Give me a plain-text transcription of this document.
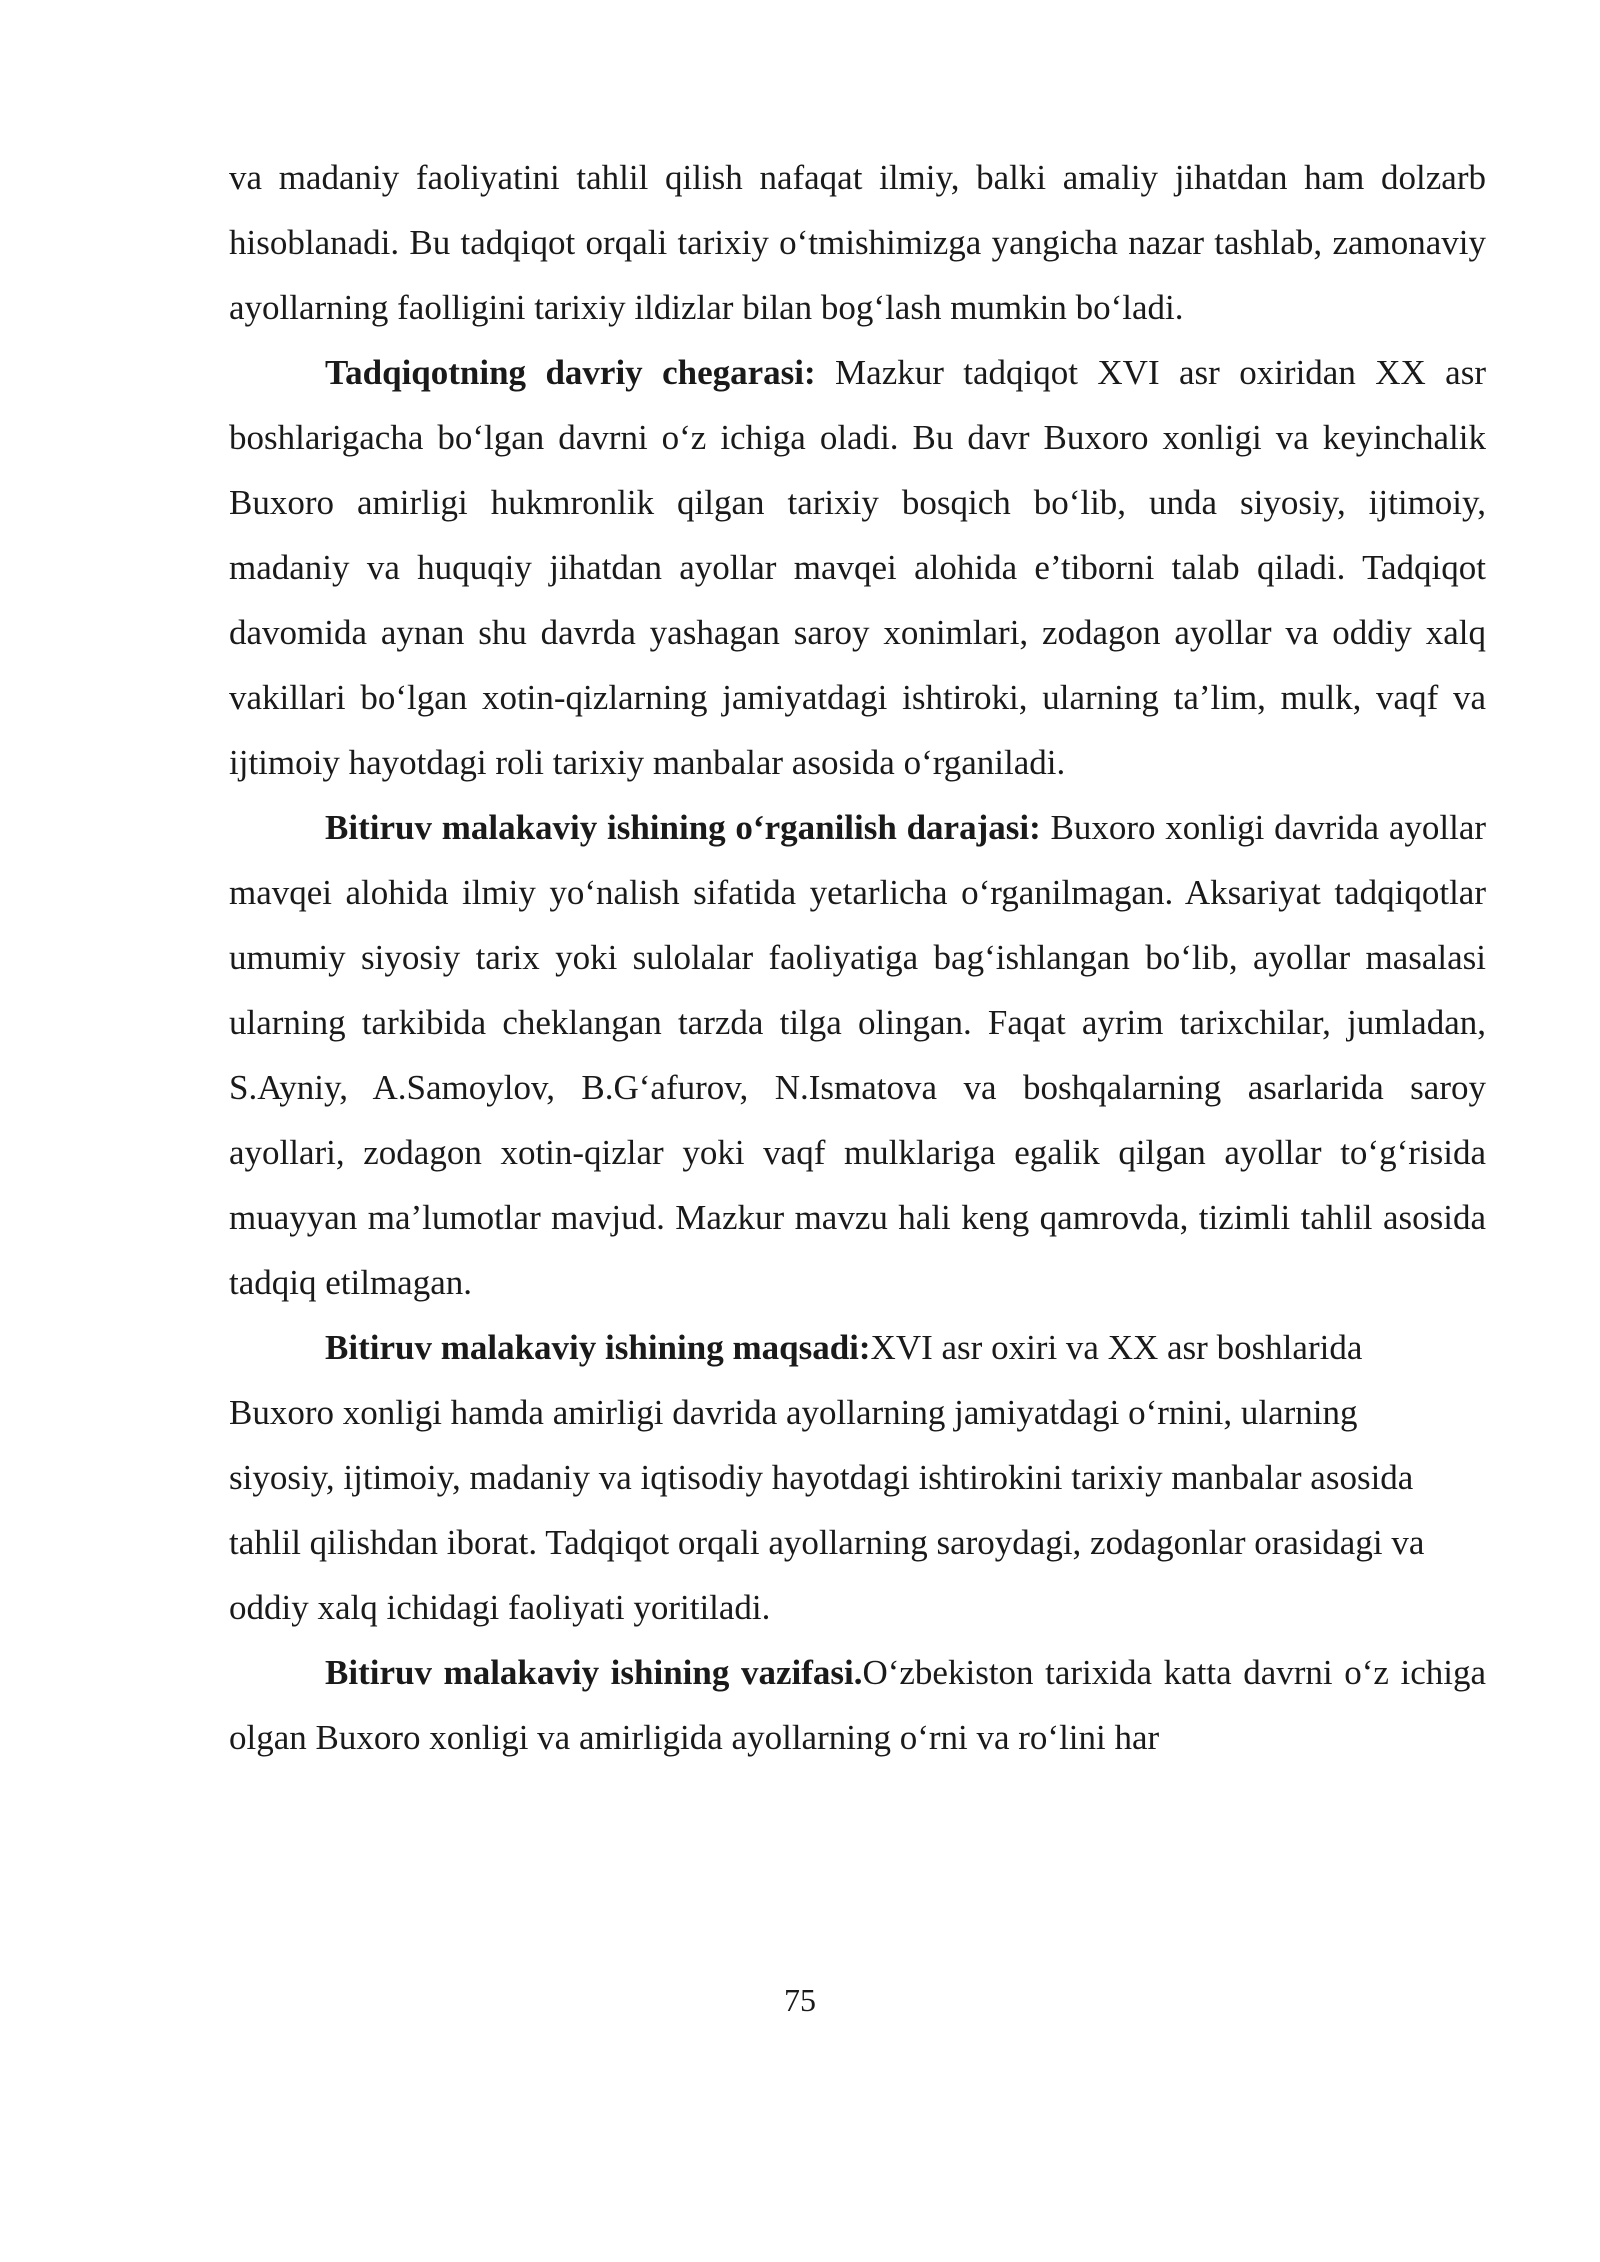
va madaniy faoliyatini tahlil qilish nafaqat ilmiy, balki amaliy jihatdan ham dolzarb hisoblanadi. Bu tadqiqot orqali tarixiy o‘tmishimizga yangicha nazar tashlab, zamonaviy ayollarning faolligini tarixiy ildizlar bilan bog‘lash mumkin bo‘ladi.

Tadqiqotning davriy chegarasi: Mazkur tadqiqot XVI asr oxiridan XX asr boshlarigacha bo‘lgan davrni o‘z ichiga oladi. Bu davr Buxoro xonligi va keyinchalik Buxoro amirligi hukmronlik qilgan tarixiy bosqich bo‘lib, unda siyosiy, ijtimoiy, madaniy va huquqiy jihatdan ayollar mavqei alohida e’tiborni talab qiladi. Tadqiqot davomida aynan shu davrda yashagan saroy xonimlari, zodagon ayollar va oddiy xalq vakillari bo‘lgan xotin-qizlarning jamiyatdagi ishtiroki, ularning ta’lim, mulk, vaqf va ijtimoiy hayotdagi roli tarixiy manbalar asosida o‘rganiladi.

Bitiruv malakaviy ishining o‘rganilish darajasi: Buxoro xonligi davrida ayollar mavqei alohida ilmiy yo‘nalish sifatida yetarlicha o‘rganilmagan. Aksariyat tadqiqotlar umumiy siyosiy tarix yoki sulolalar faoliyatiga bag‘ishlangan bo‘lib, ayollar masalasi ularning tarkibida cheklangan tarzda tilga olingan. Faqat ayrim tarixchilar, jumladan, S.Ayniy, A.Samoylov, B.G‘afurov, N.Ismatova va boshqalarning asarlarida saroy ayollari, zodagon xotin-qizlar yoki vaqf mulklariga egalik qilgan ayollar to‘g‘risida muayyan ma’lumotlar mavjud. Mazkur mavzu hali keng qamrovda, tizimli tahlil asosida tadqiq etilmagan.

Bitiruv malakaviy ishining maqsadi:XVI asr oxiri va XX asr boshlarida Buxoro xonligi hamda amirligi davrida ayollarning jamiyatdagi o‘rnini, ularning siyosiy, ijtimoiy, madaniy va iqtisodiy hayotdagi ishtirokini tarixiy manbalar asosida tahlil qilishdan iborat. Tadqiqot orqali ayollarning saroydagi, zodagonlar orasidagi va oddiy xalq ichidagi faoliyati yoritiladi.

Bitiruv malakaviy ishining vazifasi.O‘zbekiston tarixida katta davrni o‘z ichiga olgan Buxoro xonligi va amirligida ayollarning o‘rni va ro‘lini har

75
